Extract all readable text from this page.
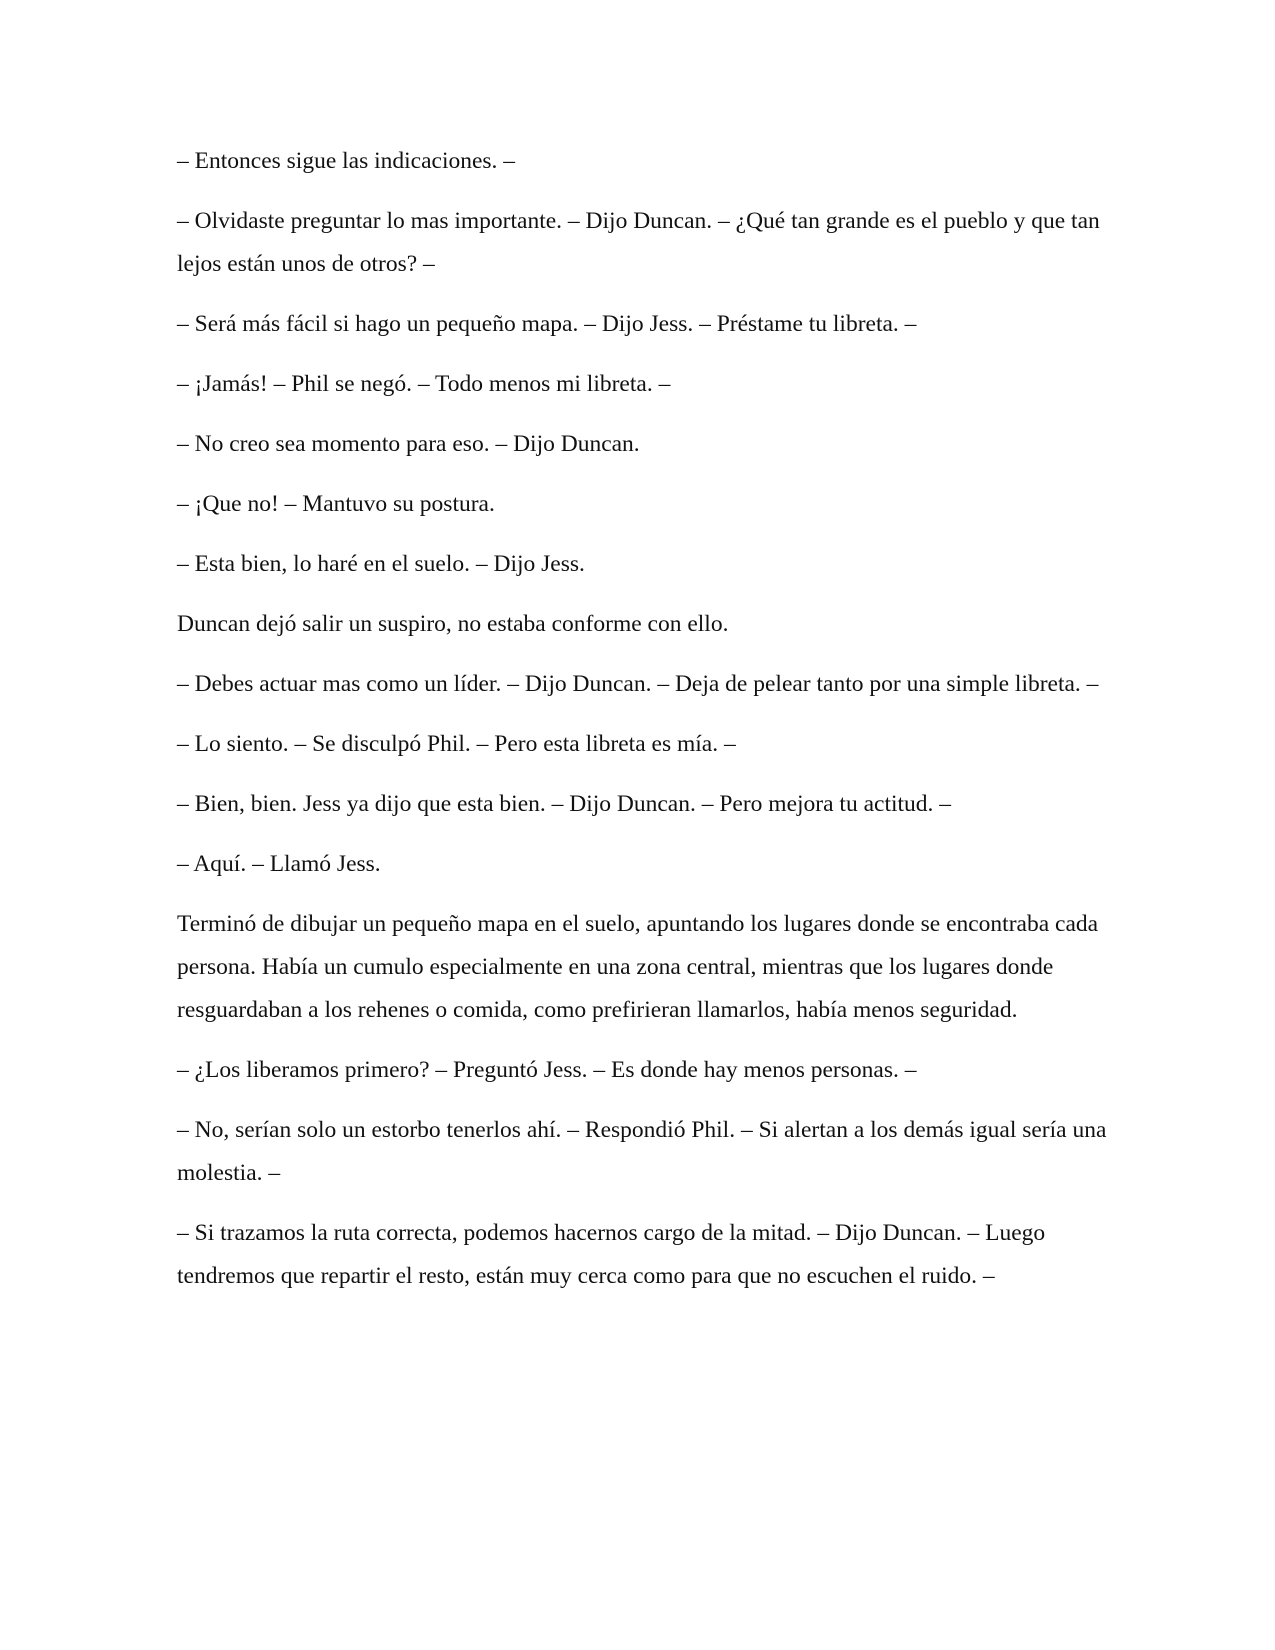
– Entonces sigue las indicaciones. –

– Olvidaste preguntar lo mas importante. – Dijo Duncan. – ¿Qué tan grande es el pueblo y que tan lejos están unos de otros? –

– Será más fácil si hago un pequeño mapa. – Dijo Jess. – Préstame tu libreta. –

– ¡Jamás! – Phil se negó. – Todo menos mi libreta. –

– No creo sea momento para eso. – Dijo Duncan.

– ¡Que no! – Mantuvo su postura.

– Esta bien, lo haré en el suelo. – Dijo Jess.

Duncan dejó salir un suspiro, no estaba conforme con ello.

– Debes actuar mas como un líder. – Dijo Duncan. – Deja de pelear tanto por una simple libreta. –

– Lo siento. – Se disculpó Phil. – Pero esta libreta es mía. –

– Bien, bien. Jess ya dijo que esta bien. – Dijo Duncan. – Pero mejora tu actitud. –

– Aquí. – Llamó Jess.

Terminó de dibujar un pequeño mapa en el suelo, apuntando los lugares donde se encontraba cada persona. Había un cumulo especialmente en una zona central, mientras que los lugares donde resguardaban a los rehenes o comida, como prefirieran llamarlos, había menos seguridad.

– ¿Los liberamos primero? – Preguntó Jess. – Es donde hay menos personas. –

– No, serían solo un estorbo tenerlos ahí. – Respondió Phil. – Si alertan a los demás igual sería una molestia. –

– Si trazamos la ruta correcta, podemos hacernos cargo de la mitad. – Dijo Duncan. – Luego tendremos que repartir el resto, están muy cerca como para que no escuchen el ruido. –
